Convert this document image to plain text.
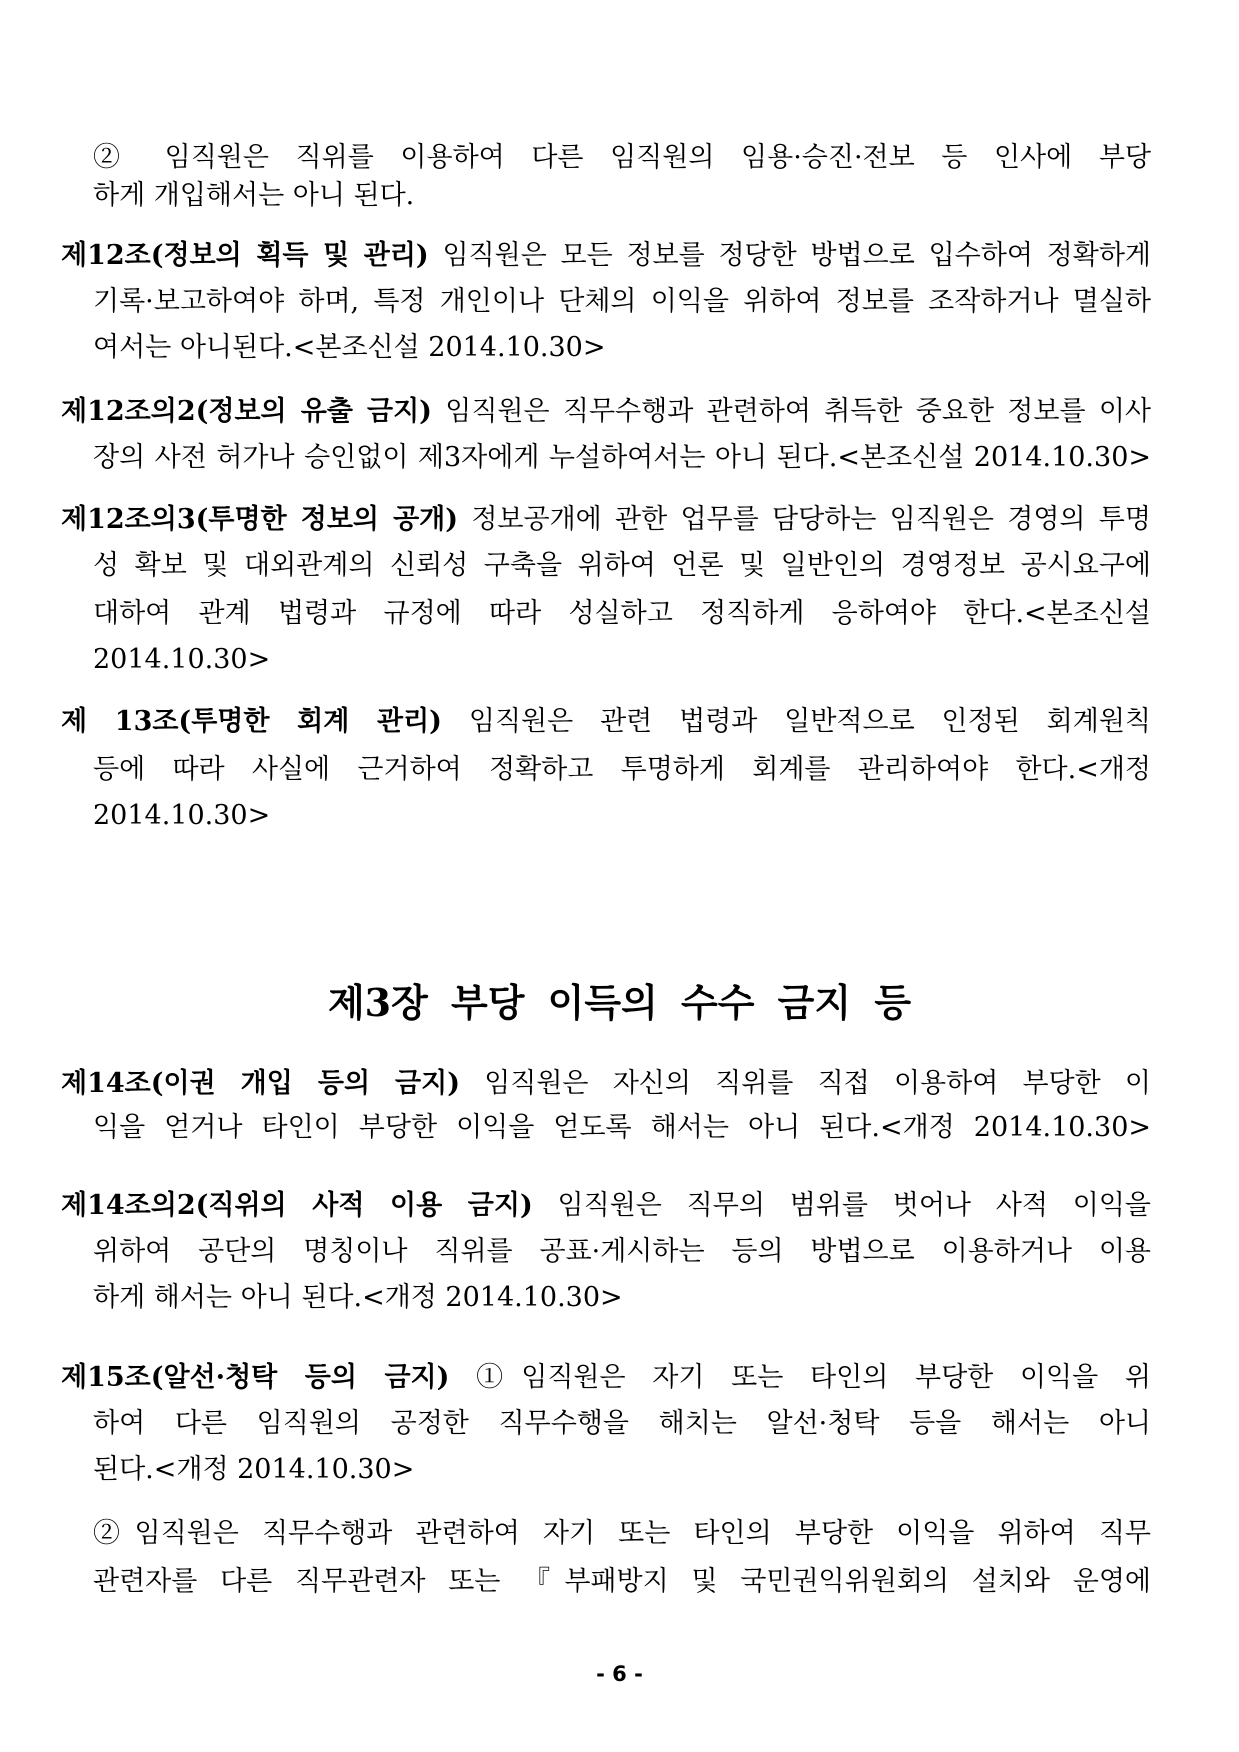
② 임직원은 직위를 이용하여 다른 임직원의 임용·승진·전보 등 인사에 부당
하게 개입해서는 아니 된다.
제12조(정보의 획득 및 관리) 임직원은 모든 정보를 정당한 방법으로 입수하여 정확하게
기록·보고하여야 하며, 특정 개인이나 단체의 이익을 위하여 정보를 조작하거나 멸실하
여서는 아니된다.<본조신설 2014.10.30>
제12조의2(정보의 유출 금지) 임직원은 직무수행과 관련하여 취득한 중요한 정보를 이사
장의 사전 허가나 승인없이 제3자에게 누설하여서는 아니 된다.<본조신설 2014.10.30>
제12조의3(투명한 정보의 공개) 정보공개에 관한 업무를 담당하는 임직원은 경영의 투명
성 확보 및 대외관계의 신뢰성 구축을 위하여 언론 및 일반인의 경영정보 공시요구에
대하여 관계 법령과 규정에 따라 성실하고 정직하게 응하여야 한다.<본조신설
2014.10.30>
제 13조(투명한 회계 관리) 임직원은 관련 법령과 일반적으로 인정된 회계원칙
등에 따라 사실에 근거하여 정확하고 투명하게 회계를 관리하여야 한다.<개정
2014.10.30>
제3장 부당 이득의 수수 금지 등
제14조(이권 개입 등의 금지) 임직원은 자신의 직위를 직접 이용하여 부당한 이
익을 얻거나 타인이 부당한 이익을 얻도록 해서는 아니 된다.<개정 2014.10.30>
제14조의2(직위의 사적 이용 금지) 임직원은 직무의 범위를 벗어나 사적 이익을
위하여 공단의 명칭이나 직위를 공표·게시하는 등의 방법으로 이용하거나 이용
하게 해서는 아니 된다.<개정 2014.10.30>
제15조(알선·청탁 등의 금지) ①임직원은 자기 또는 타인의 부당한 이익을 위
하여 다른 임직원의 공정한 직무수행을 해치는 알선·청탁 등을 해서는 아니
된다.<개정 2014.10.30>
②임직원은 직무수행과 관련하여 자기 또는 타인의 부당한 이익을 위하여 직무
관련자를 다른 직무관련자 또는 『부패방지 및 국민권익위원회의 설치와 운영에
- 6 -
